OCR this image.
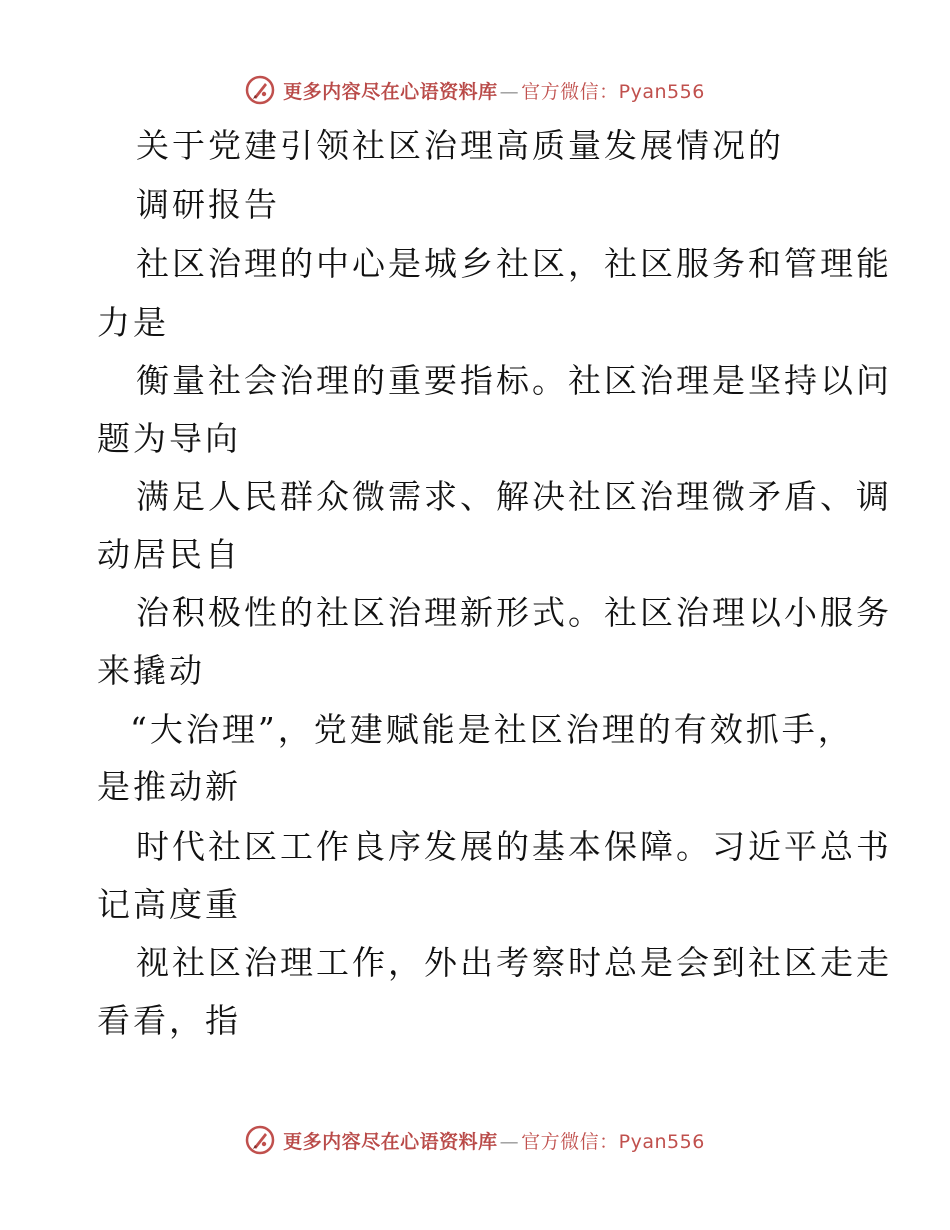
更多内容尽在心语资料库 — 官方微信：Pyan556

关于党建引领社区治理高质量发展情况的

调研报告

社区治理的中心是城乡社区，社区服务和管理能

力是

衡量社会治理的重要指标。社区治理是坚持以问

题为导向

满足人民群众微需求、解决社区治理微矛盾、调

动居民自

治积极性的社区治理新形式。社区治理以小服务

来撬动

“大治理”，党建赋能是社区治理的有效抓手，

是推动新

时代社区工作良序发展的基本保障。习近平总书

记高度重

视社区治理工作，外出考察时总是会到社区走走

看看，指

更多内容尽在心语资料库 — 官方微信：Pyan556
